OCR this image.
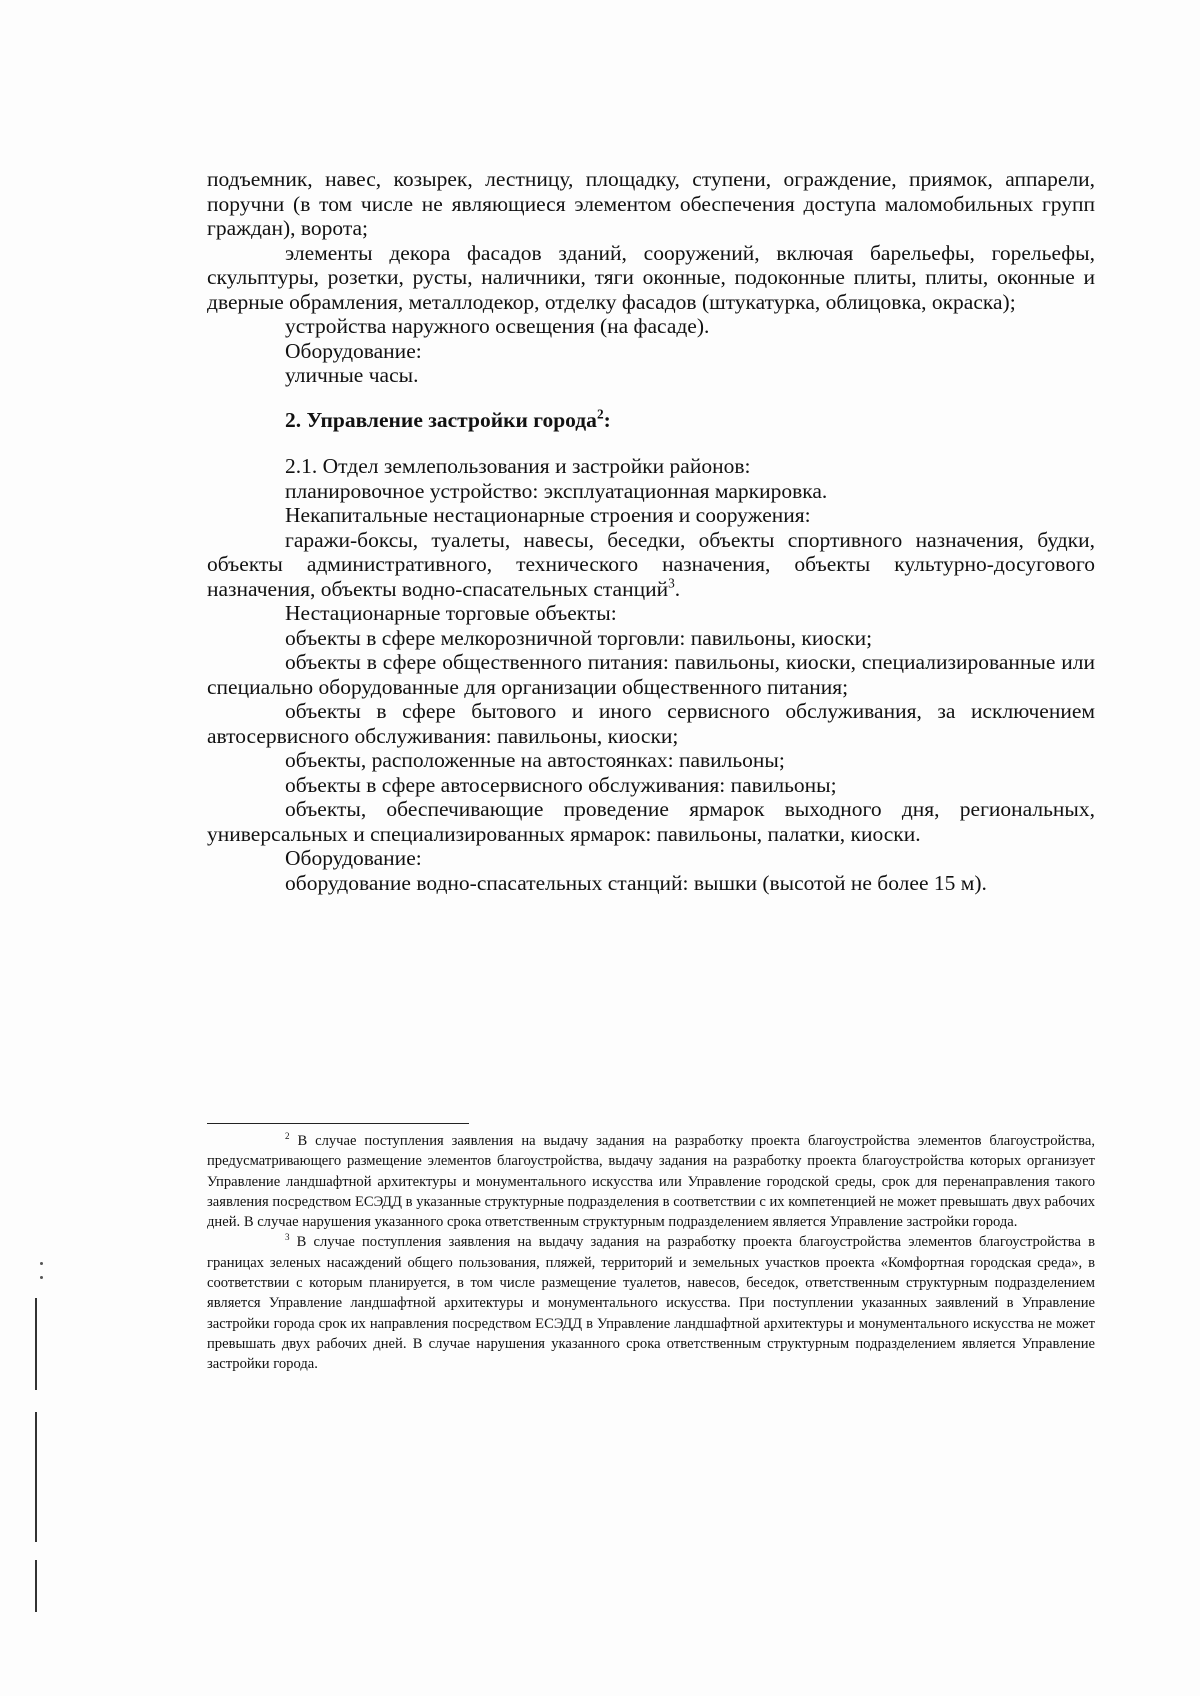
подъемник, навес, козырек, лестницу, площадку, ступени, ограждение, приямок, аппарели, поручни (в том числе не являющиеся элементом обеспечения доступа маломобильных групп граждан), ворота;

элементы декора фасадов зданий, сооружений, включая барельефы, горельефы, скульптуры, розетки, русты, наличники, тяги оконные, подоконные плиты, плиты, оконные и дверные обрамления, металлодекор, отделку фасадов (штукатурка, облицовка, окраска);

устройства наружного освещения (на фасаде).

Оборудование:

уличные часы.

2. Управление застройки города$^2$:

2.1. Отдел землепользования и застройки районов:

планировочное устройство: эксплуатационная маркировка.

Некапитальные нестационарные строения и сооружения:

гаражи-боксы, туалеты, навесы, беседки, объекты спортивного назначения, будки, объекты административного, технического назначения, объекты культурно-досугового назначения, объекты водно-спасательных станций$^3$.

Нестационарные торговые объекты:

объекты в сфере мелкорозничной торговли: павильоны, киоски;

объекты в сфере общественного питания: павильоны, киоски, специализированные или специально оборудованные для организации общественного питания;

объекты в сфере бытового и иного сервисного обслуживания, за исключением автосервисного обслуживания: павильоны, киоски;

объекты, расположенные на автостоянках: павильоны;

объекты в сфере автосервисного обслуживания: павильоны;

объекты, обеспечивающие проведение ярмарок выходного дня, региональных, универсальных и специализированных ярмарок: павильоны, палатки, киоски.

Оборудование:

оборудование водно-спасательных станций: вышки (высотой не более 15 м).

$^2$ В случае поступления заявления на выдачу задания на разработку проекта благоустройства элементов благоустройства, предусматривающего размещение элементов благоустройства, выдачу задания на разработку проекта благоустройства которых организует Управление ландшафтной архитектуры и монументального искусства или Управление городской среды, срок для перенаправления такого заявления посредством ЕСЭДД в указанные структурные подразделения в соответствии с их компетенцией не может превышать двух рабочих дней. В случае нарушения указанного срока ответственным структурным подразделением является Управление застройки города.

$^3$ В случае поступления заявления на выдачу задания на разработку проекта благоустройства элементов благоустройства в границах зеленых насаждений общего пользования, пляжей, территорий и земельных участков проекта «Комфортная городская среда», в соответствии с которым планируется, в том числе размещение туалетов, навесов, беседок, ответственным структурным подразделением является Управление ландшафтной архитектуры и монументального искусства. При поступлении указанных заявлений в Управление застройки города срок их направления посредством ЕСЭДД в Управление ландшафтной архитектуры и монументального искусства не может превышать двух рабочих дней. В случае нарушения указанного срока ответственным структурным подразделением является Управление застройки города.
